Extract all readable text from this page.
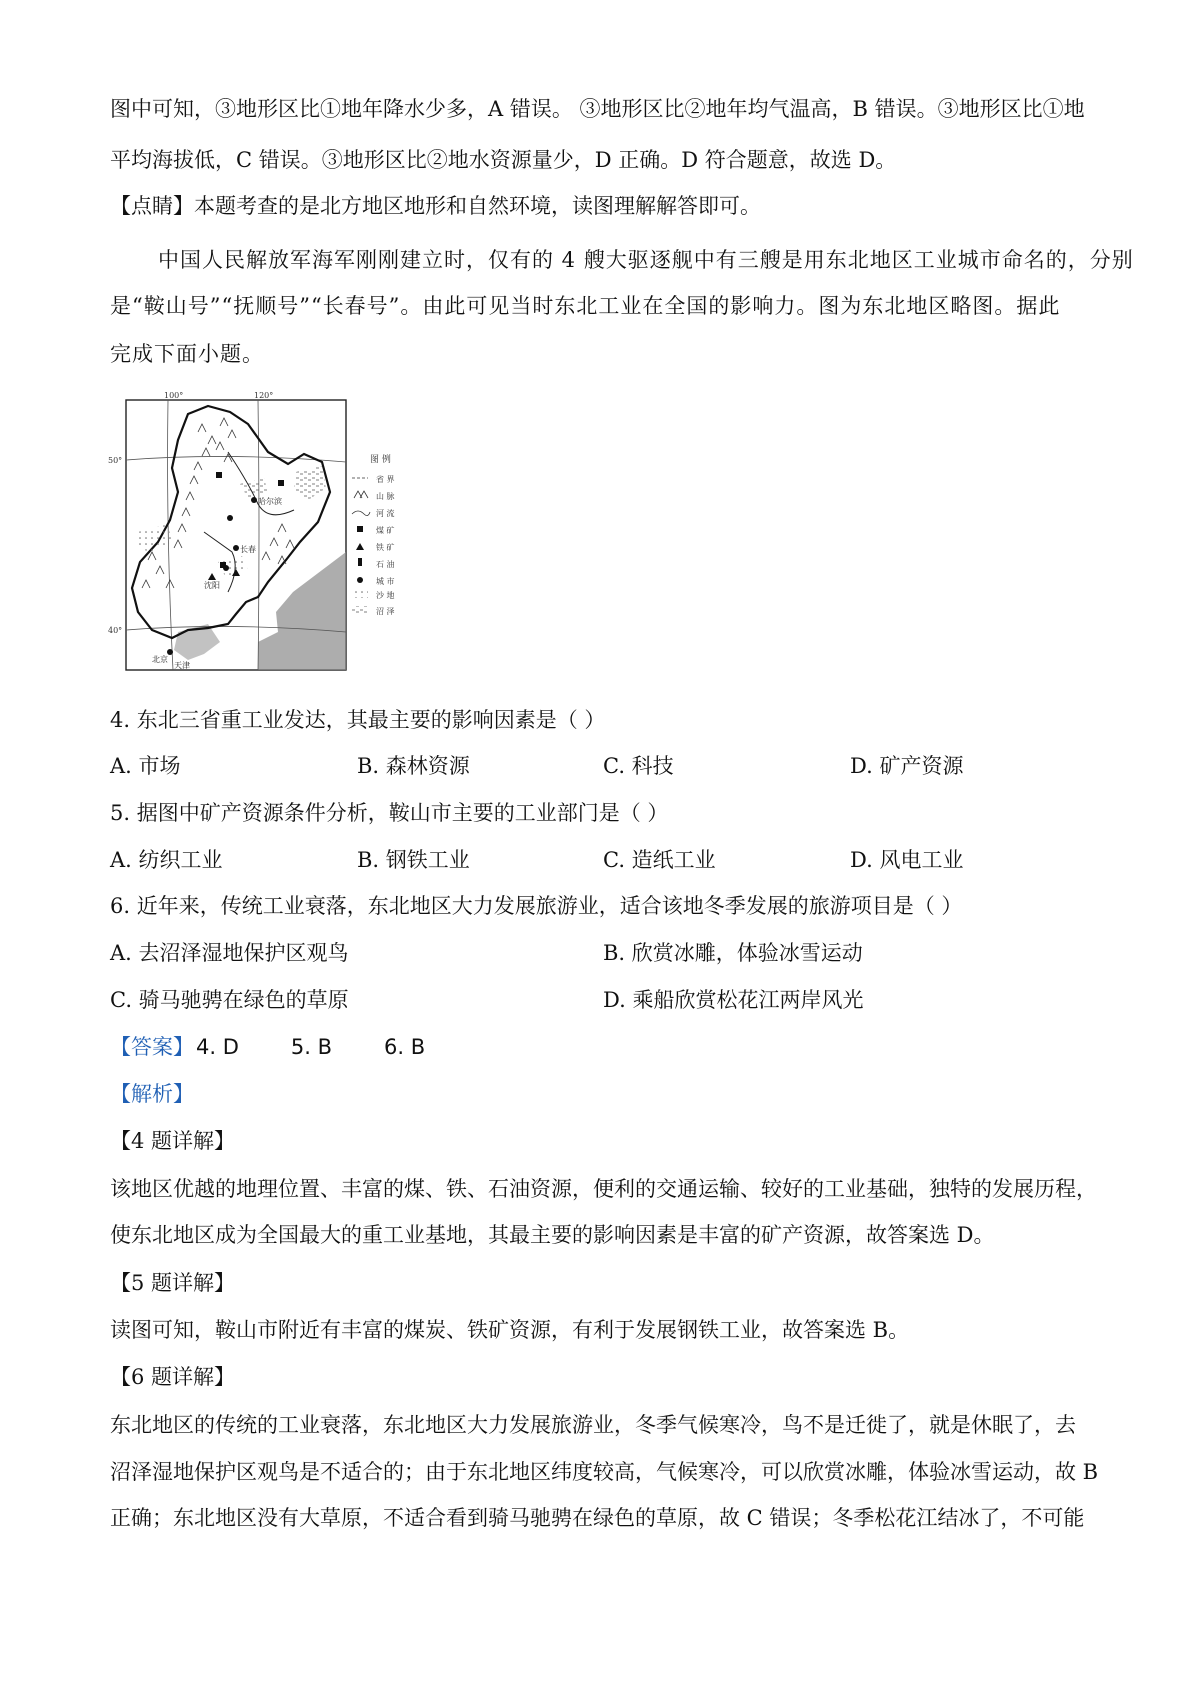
图中可知，③地形区比①地年降水少多，A 错误。 ③地形区比②地年均气温高，B 错误。③地形区比①地
平均海拔低，C 错误。③地形区比②地水资源量少，D 正确。D 符合题意，故选 D。
【点睛】本题考查的是北方地区地形和自然环境，读图理解解答即可。
中国人民解放军海军刚刚建立时，仅有的 4 艘大驱逐舰中有三艘是用东北地区工业城市命名的，分别
是“鞍山号”“抚顺号”“长春号”。由此可见当时东北工业在全国的影响力。图为东北地区略图。据此
完成下面小题。
哈尔滨
长春
沈阳
北京
天津
100°	120°
50°
40°
图 例
省 界
山 脉
河 流
煤 矿
铁 矿
石 油
城 市
沙 地
沼 泽
4. 东北三省重工业发达，其最主要的影响因素是（ ）
A. 市场	B. 森林资源	C. 科技	D. 矿产资源
5. 据图中矿产资源条件分析，鞍山市主要的工业部门是（ ）
A. 纺织工业	B. 钢铁工业	C. 造纸工业	D. 风电工业
6. 近年来，传统工业衰落，东北地区大力发展旅游业，适合该地冬季发展的旅游项目是（ ）
A. 去沼泽湿地保护区观鸟	B. 欣赏冰雕，体验冰雪运动
C. 骑马驰骋在绿色的草原	D. 乘船欣赏松花江两岸风光
【答案】4. D 5. B 6. B
【解析】
【4 题详解】
该地区优越的地理位置、丰富的煤、铁、石油资源，便利的交通运输、较好的工业基础，独特的发展历程，
使东北地区成为全国最大的重工业基地，其最主要的影响因素是丰富的矿产资源，故答案选 D。
【5 题详解】
读图可知，鞍山市附近有丰富的煤炭、铁矿资源，有利于发展钢铁工业，故答案选 B。
【6 题详解】
东北地区的传统的工业衰落，东北地区大力发展旅游业，冬季气候寒冷，鸟不是迁徙了，就是休眠了，去
沼泽湿地保护区观鸟是不适合的；由于东北地区纬度较高，气候寒冷，可以欣赏冰雕，体验冰雪运动，故 B
正确；东北地区没有大草原，不适合看到骑马驰骋在绿色的草原，故 C 错误；冬季松花江结冰了，不可能
